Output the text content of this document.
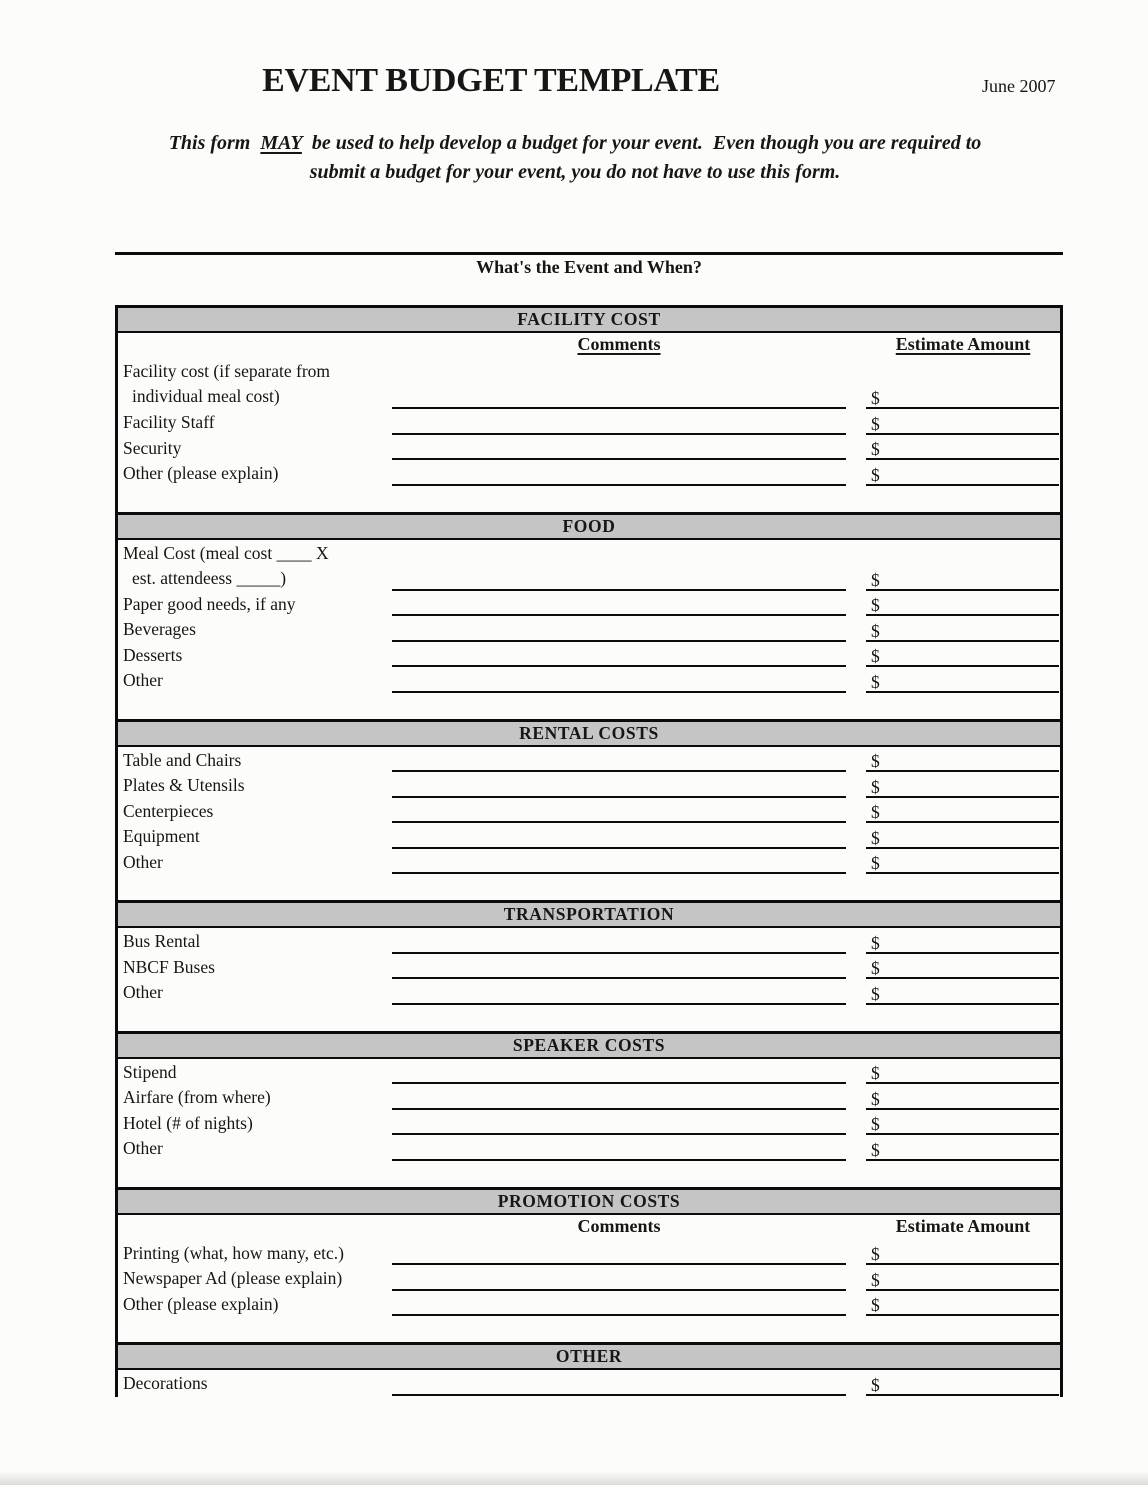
EVENT BUDGET TEMPLATE	June 2007
This form  MAY  be used to help develop a budget for your event.  Even though you are required to
submit a budget for your event, you do not have to use this form.
What's the Event and When?
FACILITY COST
Comments	Estimate Amount
Facility cost (if separate from
individual meal cost)	$
Facility Staff	$
Security	$
Other (please explain)	$
FOOD
Meal Cost (meal cost ____ X
est. attendeess _____)	$
Paper good needs, if any	$
Beverages	$
Desserts	$
Other	$
RENTAL COSTS
Table and Chairs	$
Plates & Utensils	$
Centerpieces	$
Equipment	$
Other	$
TRANSPORTATION
Bus Rental	$
NBCF Buses	$
Other	$
SPEAKER COSTS
Stipend	$
Airfare (from where)	$
Hotel (# of nights)	$
Other	$
PROMOTION COSTS
Comments	Estimate Amount
Printing (what, how many, etc.)	$
Newspaper Ad (please explain)	$
Other (please explain)	$
OTHER
Decorations	$
